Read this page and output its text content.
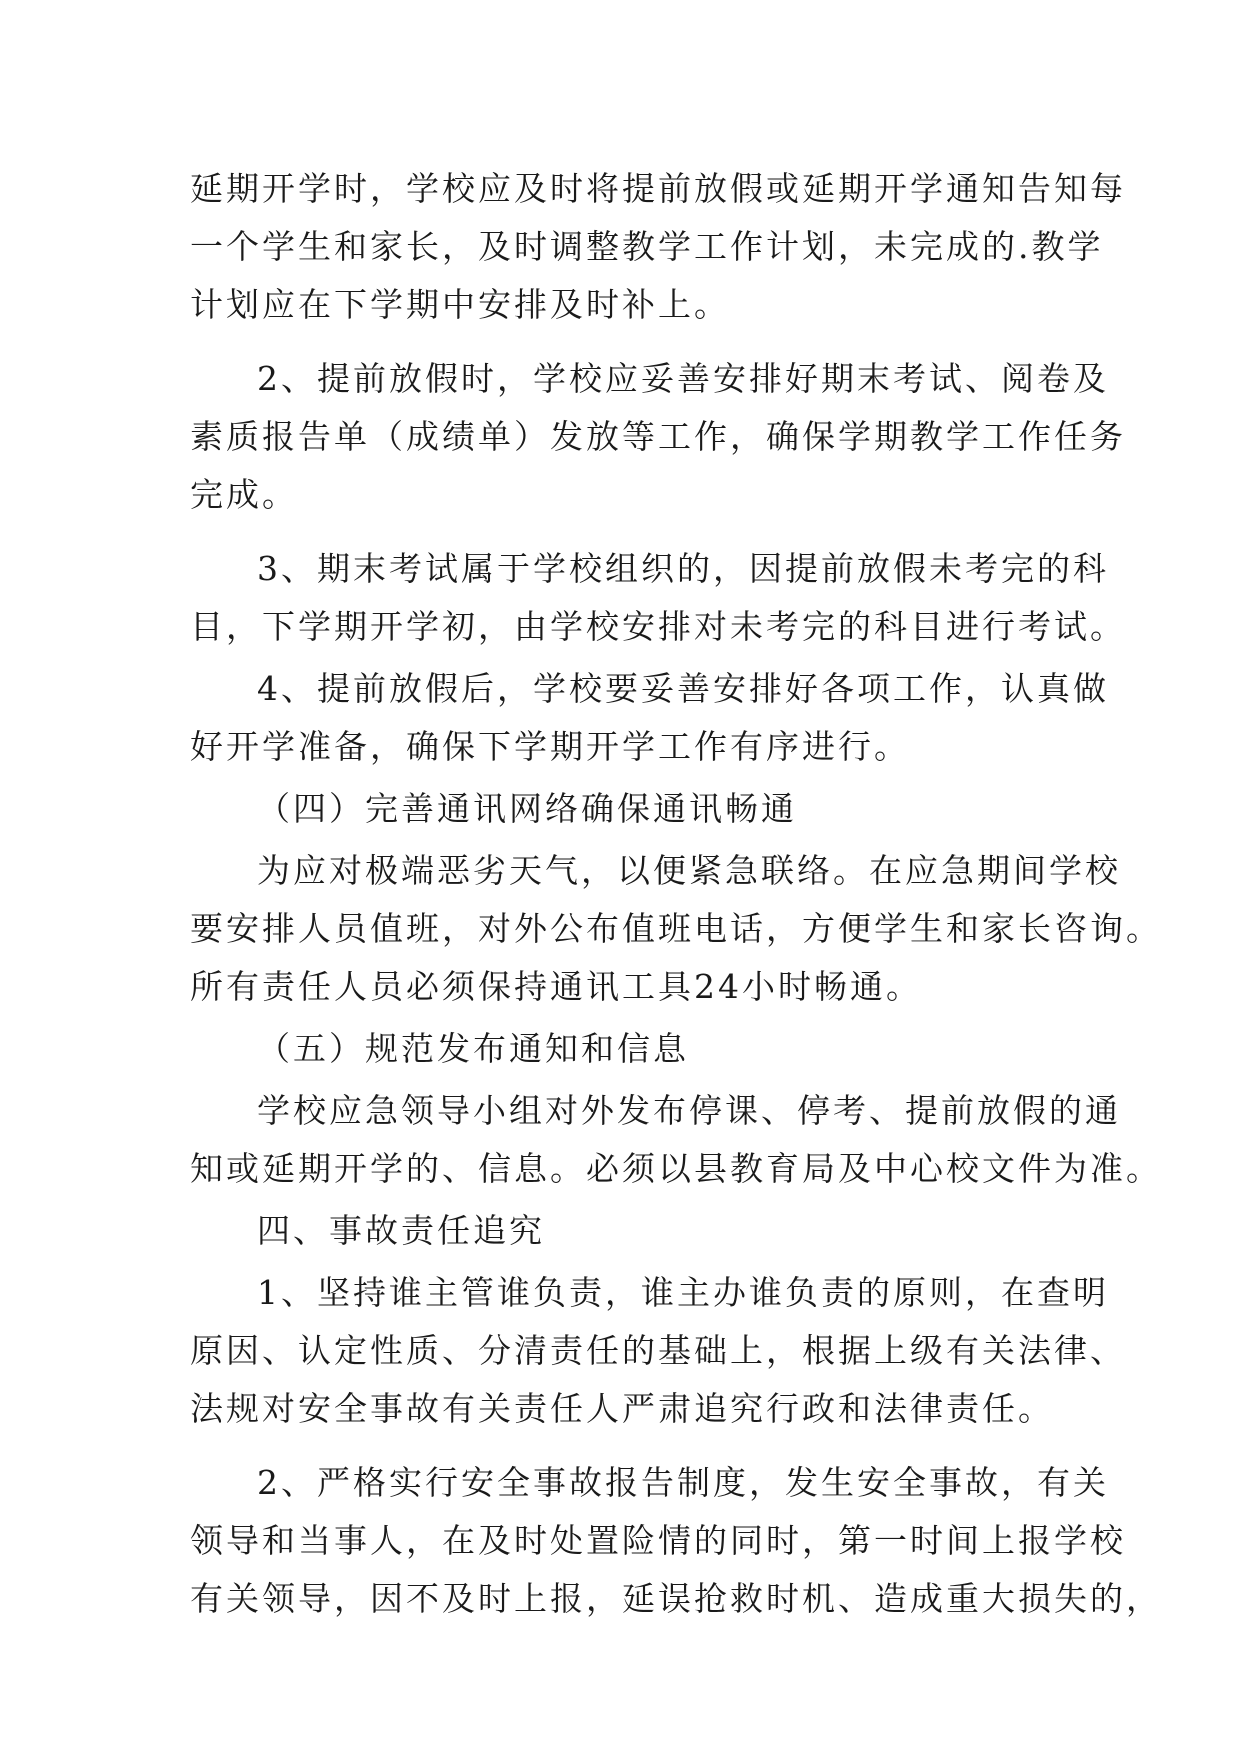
延期开学时，学校应及时将提前放假或延期开学通知告知每
一个学生和家长，及时调整教学工作计划，未完成的.教学
计划应在下学期中安排及时补上。
2、提前放假时，学校应妥善安排好期末考试、阅卷及
素质报告单（成绩单）发放等工作，确保学期教学工作任务
完成。
3、期末考试属于学校组织的，因提前放假未考完的科
目，下学期开学初，由学校安排对未考完的科目进行考试。
4、提前放假后，学校要妥善安排好各项工作，认真做
好开学准备，确保下学期开学工作有序进行。
（四）完善通讯网络确保通讯畅通
为应对极端恶劣天气，以便紧急联络。在应急期间学校
要安排人员值班，对外公布值班电话，方便学生和家长咨询。
所有责任人员必须保持通讯工具24小时畅通。
（五）规范发布通知和信息
学校应急领导小组对外发布停课、停考、提前放假的通
知或延期开学的、信息。必须以县教育局及中心校文件为准。
四、事故责任追究
1、坚持谁主管谁负责，谁主办谁负责的原则，在查明
原因、认定性质、分清责任的基础上，根据上级有关法律、
法规对安全事故有关责任人严肃追究行政和法律责任。
2、严格实行安全事故报告制度，发生安全事故，有关
领导和当事人，在及时处置险情的同时，第一时间上报学校
有关领导，因不及时上报，延误抢救时机、造成重大损失的，
